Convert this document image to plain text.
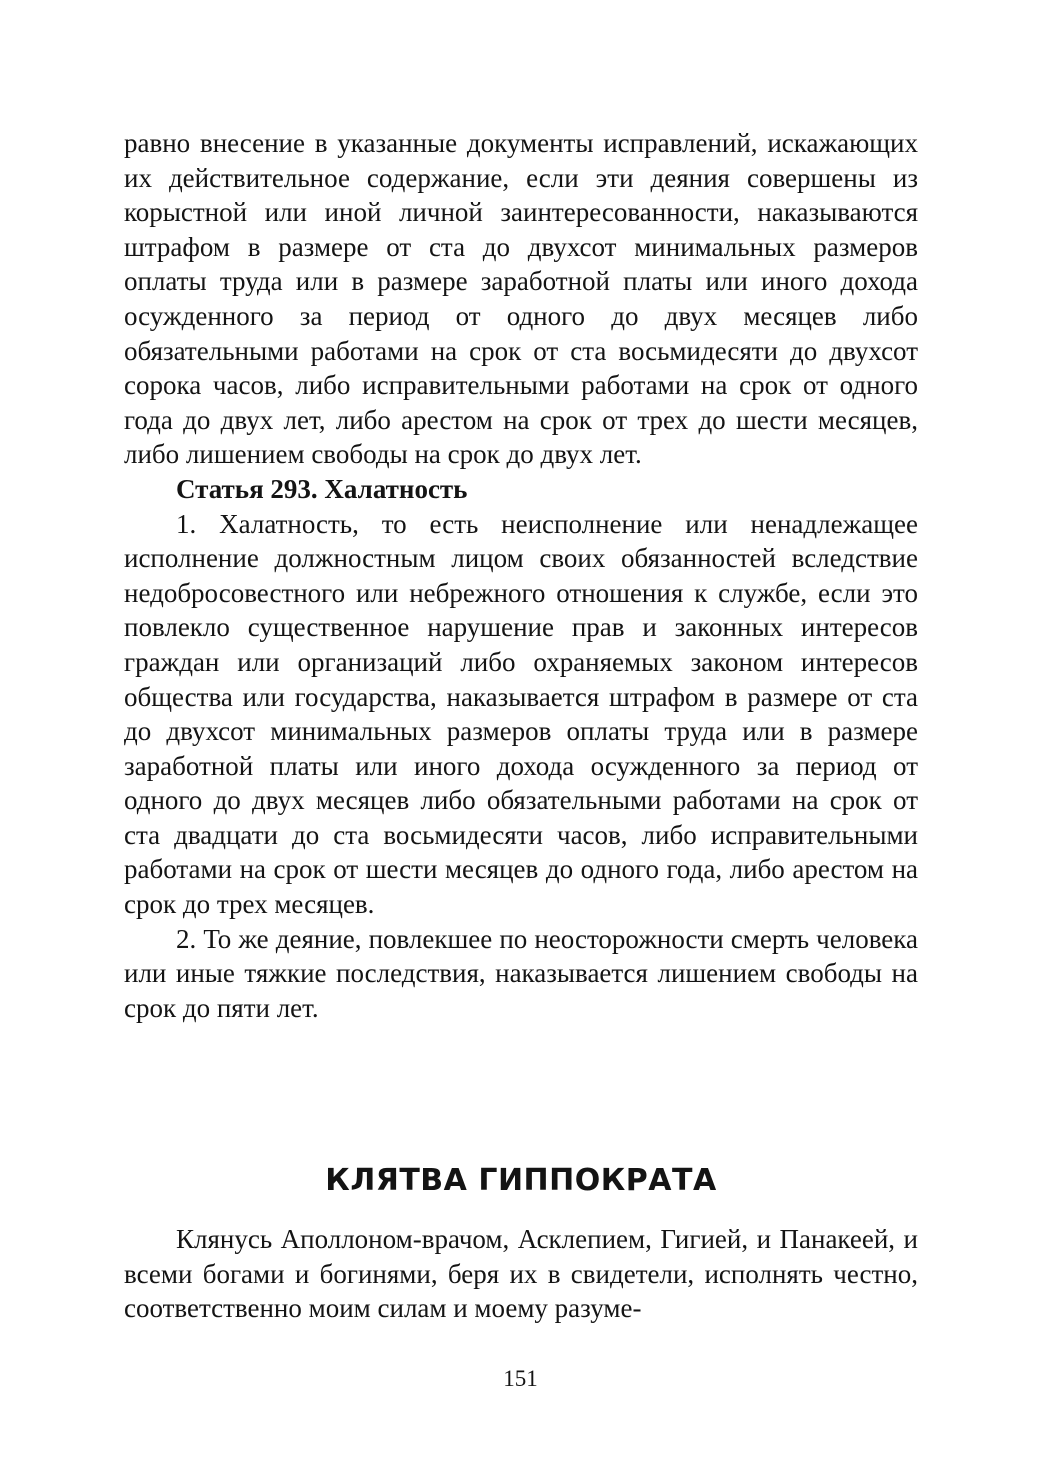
равно внесение в указанные документы исправлений, искажающих их действительное содержание, если эти деяния совершены из корыстной или иной личной заинтересованности, наказываются штрафом в размере от ста до двухсот минимальных размеров оплаты труда или в размере заработной платы или иного дохода осужденного за период от одного до двух месяцев либо обязательными работами на срок от ста восьмидесяти до двухсот сорока часов, либо исправительными работами на срок от одного года до двух лет, либо арестом на срок от трех до шести месяцев, либо лишением свободы на срок до двух лет.

Статья 293. Халатность

1. Халатность, то есть неисполнение или ненадлежащее исполнение должностным лицом своих обязанностей вследствие недобросовестного или небрежного отношения к службе, если это повлекло существенное нарушение прав и законных интересов граждан или организаций либо охраняемых законом интересов общества или государства, наказывается штрафом в размере от ста до двухсот минимальных размеров оплаты труда или в размере заработной платы или иного дохода осужденного за период от одного до двух месяцев либо обязательными работами на срок от ста двадцати до ста восьмидесяти часов, либо исправительными работами на срок от шести месяцев до одного года, либо арестом на срок до трех месяцев.

2. То же деяние, повлекшее по неосторожности смерть человека или иные тяжкие последствия, наказывается лишением свободы на срок до пяти лет.

КЛЯТВА ГИППОКРАТА

Клянусь Аполлоном-врачом, Асклепием, Гигией, и Панакеей, и всеми богами и богинями, беря их в свидетели, исполнять честно, соответственно моим силам и моему разуме-

151
